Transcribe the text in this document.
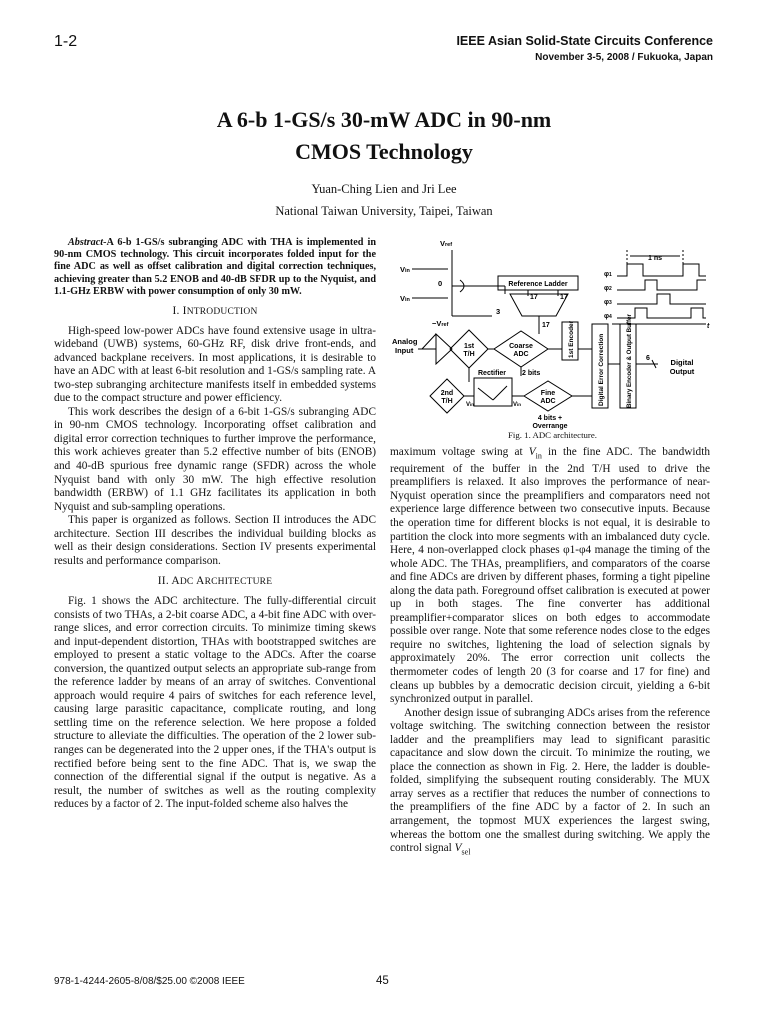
1-2	IEEE Asian Solid-State Circuits Conference
November 3-5, 2008 / Fukuoka, Japan
A 6-b 1-GS/s 30-mW ADC in 90-nm
CMOS Technology
Yuan-Ching Lien and Jri Lee
National Taiwan University, Taipei, Taiwan

Abstract-A 6-b 1-GS/s subranging ADC with THA is implemented in 90-nm CMOS technology. This circuit incorporates folded input for the fine ADC as well as offset calibration and digital correction techniques, achieving greater than 5.2 ENOB and 40-dB SFDR up to the Nyquist, and 1.1-GHz ERBW with power consumption of only 30 mW.

I. INTRODUCTION

High-speed low-power ADCs have found extensive usage in ultra-wideband (UWB) systems, 60-GHz RF, disk drive front-ends, and advanced backplane receivers. In most applications, it is desirable to have an ADC with at least 6-bit resolution and 1-GS/s sampling rate. A two-step subranging architecture manifests itself in embedded systems due to the compact structure and power efficiency.

This work describes the design of a 6-bit 1-GS/s subranging ADC in 90-nm CMOS technology. Incorporating offset calibration and digital error correction techniques to further improve the performance, this work achieves greater than 5.2 effective number of bits (ENOB) and 40-dB spurious free dynamic range (SFDR) across the whole Nyquist band with only 30 mW. The high effective resolution bandwidth (ERBW) of 1.1 GHz facilitates its application in both Nyquist and sub-sampling operations.

This paper is organized as follows. Section II introduces the ADC architecture. Section III describes the individual building blocks as well as their design considerations. Section IV presents experimental results and performance comparison.

II. ADC ARCHITECTURE

Fig. 1 shows the ADC architecture. The fully-differential circuit consists of two THAs, a 2-bit coarse ADC, a 4-bit fine ADC with over-range slices, and error correction circuits. To minimize timing skews and input-dependent distortion, THAs with bootstrapped switches are employed to present a static voltage to the ADCs. After the coarse conversion, the quantized output selects an appropriate sub-range from the reference ladder by means of an array of switches. Conventional approach would require 4 pairs of switches for each reference level, causing large parasitic capacitance, complicate routing, and long settling time on the reference selection. We here propose a folded structure to alleviate the difficulties. The operation of the 2 lower sub-ranges can be degenerated into the 2 upper ones, if the THA's output is rectified before being sent to the fine ADC. That is, we swap the connection of the differential signal if the output is negative. As a result, the number of switches as well as the routing complexity reduces by a factor of 2. The input-folded scheme also halves the

Vref
Vin
0
Vin
−Vref
3
Reference Ladder
17	17
17
Analog Input	1st T/H
Coarse ADC
2 bits
Rectifier
1st Encoder
2nd T/H Vin	Vin
Fine ADC
4 bits + Overrange
Digital Error Correction	Binary Encoder & Output Buffer 6	Digital Output
1 ns
φ1
φ2
φ3
φ4
t
Fig. 1. ADC architecture.

maximum voltage swing at $V_{in}$ in the fine ADC. The bandwidth requirement of the buffer in the 2nd T/H used to drive the preamplifiers is relaxed. It also improves the performance of near-Nyquist operation since the preamplifiers and comparators need not experience large difference between two consecutive inputs. Because the operation time for different blocks is not equal, it is desirable to partition the clock into more segments with an imbalanced duty cycle. Here, 4 non-overlapped clock phases φ1-φ4 manage the timing of the whole ADC. The THAs, preamplifiers, and comparators of the coarse and fine ADCs are driven by different phases, forming a tight pipeline along the data path. Foreground offset calibration is executed at power up in both stages. The fine converter has additional preamplifier+comparator slices on both edges to accommodate possible over range. Note that some reference nodes close to the edges require no switches, lightening the load of selection signals by approximately 20%. The error correction unit collects the thermometer codes of length 20 (3 for coarse and 17 for fine) and cleans up bubbles by a democratic decision circuit, yielding a 6-bit synchronized output in parallel.

Another design issue of subranging ADCs arises from the reference voltage switching. The switching connection between the resistor ladder and the preamplifiers may lead to significant parasitic capacitance and slow down the circuit. To minimize the routing, we place the connection as shown in Fig. 2. Here, the ladder is double-folded, simplifying the subsequent routing considerably. The MUX array serves as a rectifier that reduces the number of connections to the preamplifiers of the fine ADC by a factor of 2. In such an arrangement, the topmost MUX experiences the largest swing, whereas the bottom one the smallest during switching. We apply the control signal $V_{sel}$

978-1-4244-2605-8/08/$25.00 ©2008 IEEE	45
